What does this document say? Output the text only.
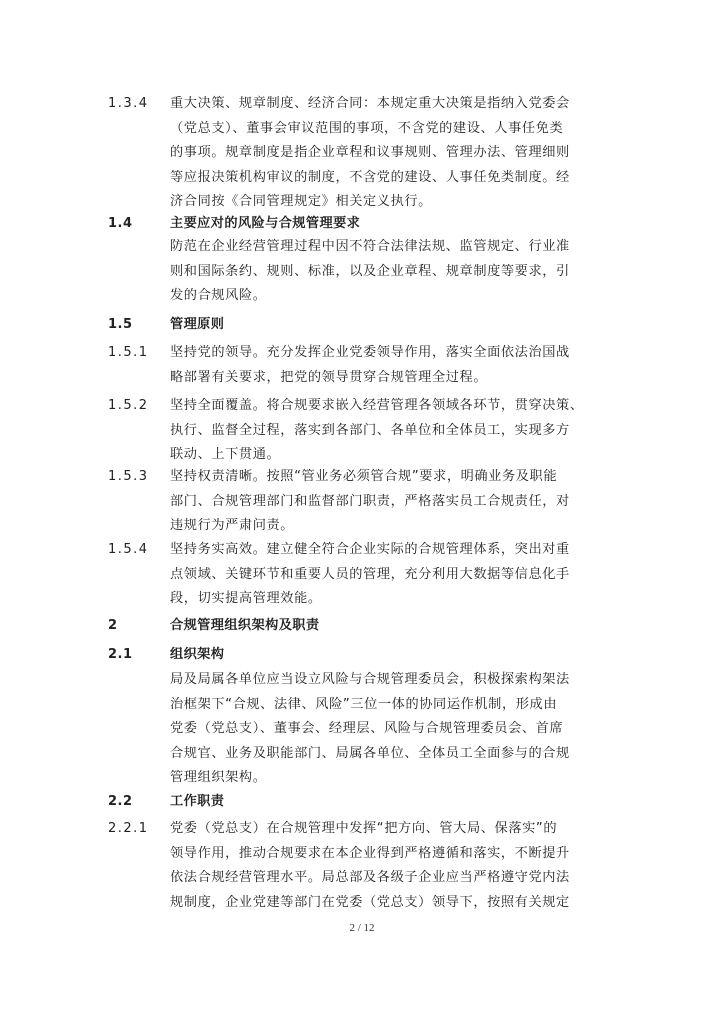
1.3.4 重大决策、规章制度、经济合同：本规定重大决策是指纳入党委会
（党总支）、董事会审议范围的事项，不含党的建设、人事任免类
的事项。规章制度是指企业章程和议事规则、管理办法、管理细则
等应报决策机构审议的制度，不含党的建设、人事任免类制度。经
济合同按《合同管理规定》相关定义执行。
1.4	主要应对的风险与合规管理要求
防范在企业经营管理过程中因不符合法律法规、监管规定、行业准
则和国际条约、规则、标准，以及企业章程、规章制度等要求，引
发的合规风险。
1.5	管理原则
1.5.1 坚持党的领导。充分发挥企业党委领导作用，落实全面依法治国战
略部署有关要求，把党的领导贯穿合规管理全过程。
1.5.2 坚持全面覆盖。将合规要求嵌入经营管理各领域各环节，贯穿决策、
执行、监督全过程，落实到各部门、各单位和全体员工，实现多方
联动、上下贯通。
1.5.3 坚持权责清晰。按照“管业务必须管合规”要求，明确业务及职能
部门、合规管理部门和监督部门职责，严格落实员工合规责任，对
违规行为严肃问责。
1.5.4 坚持务实高效。建立健全符合企业实际的合规管理体系，突出对重
点领域、关键环节和重要人员的管理，充分利用大数据等信息化手
段，切实提高管理效能。
2	合规管理组织架构及职责
2.1	组织架构
局及局属各单位应当设立风险与合规管理委员会，积极探索构架法
治框架下“合规、法律、风险”三位一体的协同运作机制，形成由
党委（党总支）、董事会、经理层、风险与合规管理委员会、首席
合规官、业务及职能部门、局属各单位、全体员工全面参与的合规
管理组织架构。
2.2	工作职责
2.2.1 党委（党总支）在合规管理中发挥“把方向、管大局、保落实”的
领导作用，推动合规要求在本企业得到严格遵循和落实，不断提升
依法合规经营管理水平。局总部及各级子企业应当严格遵守党内法
规制度，企业党建等部门在党委（党总支）领导下，按照有关规定
2 / 12
